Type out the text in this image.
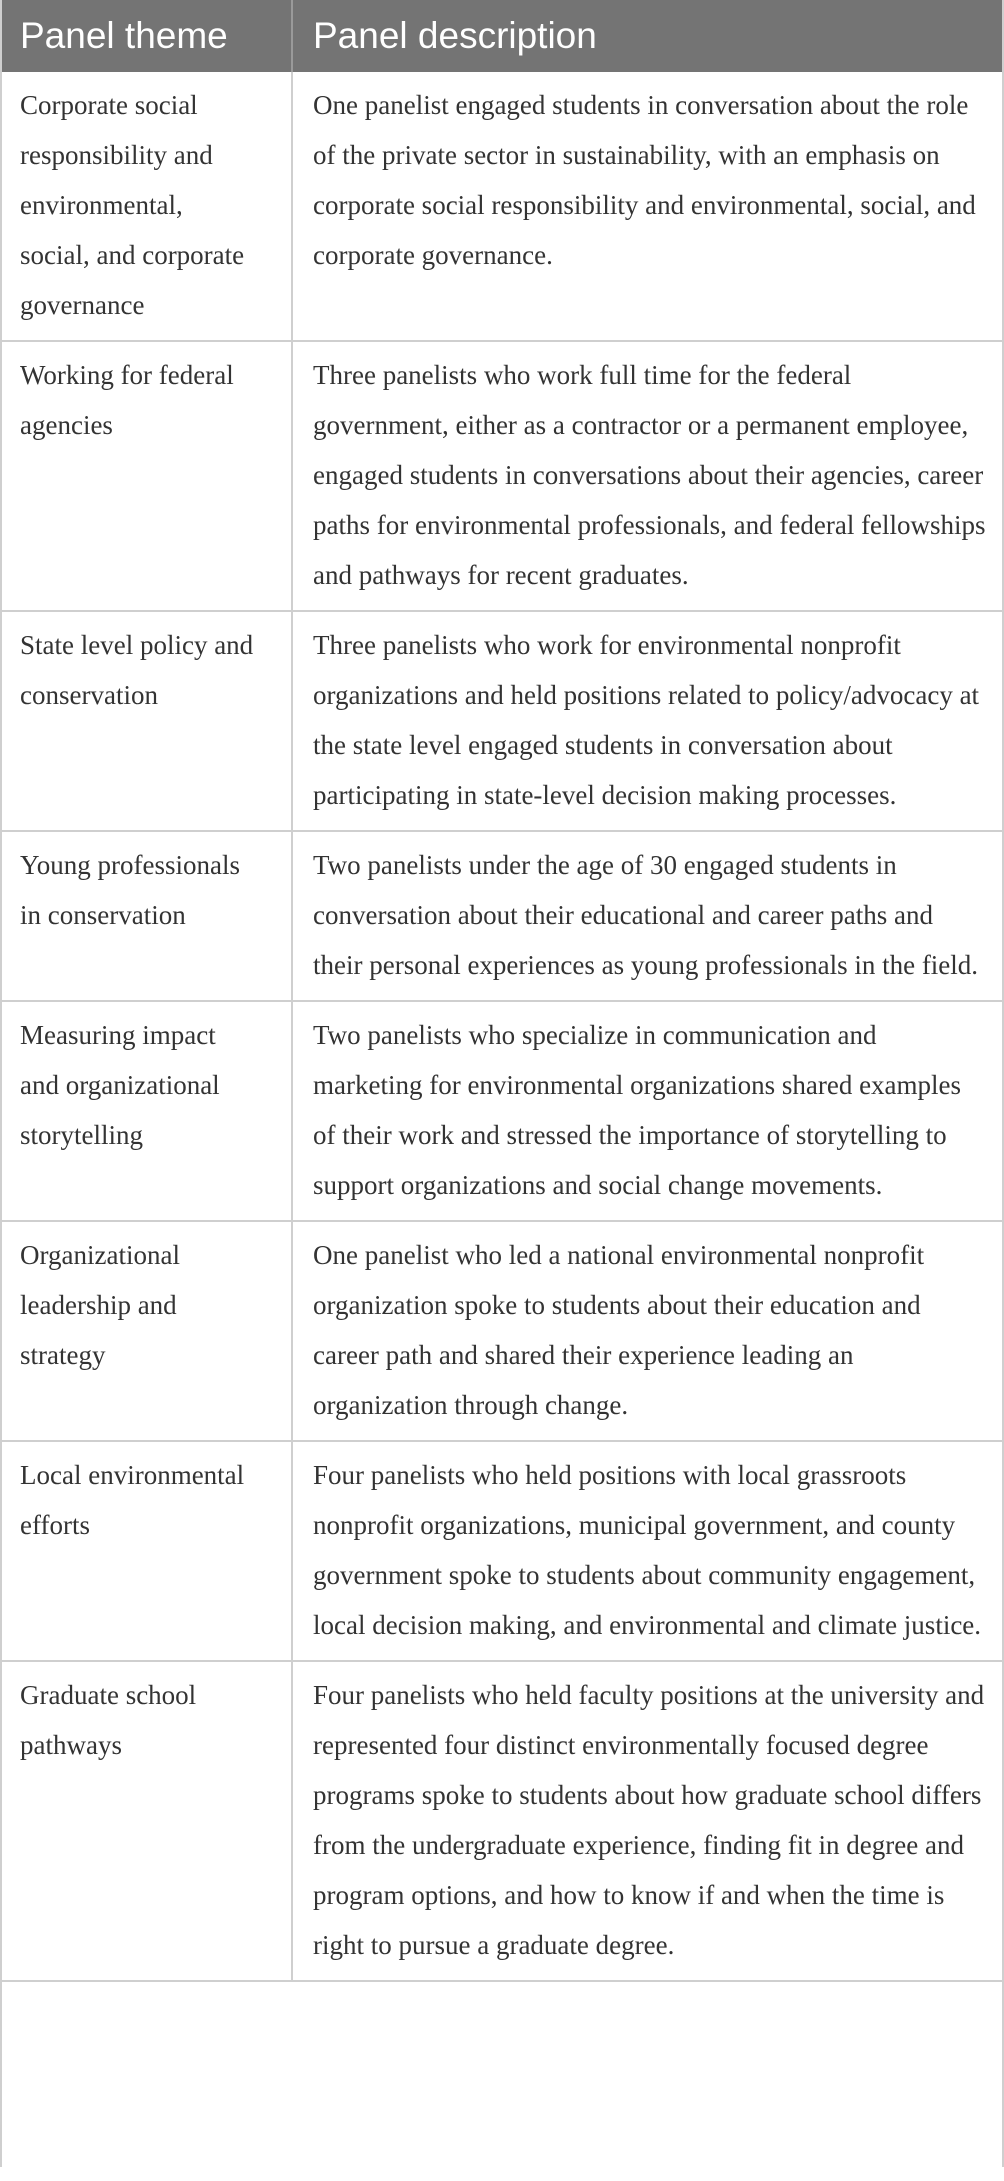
Panel theme	Panel description
Corporate social responsibility and environmental, social, and corporate governance	One panelist engaged students in conversation about the role of the private sector in sustainability, with an emphasis on corporate social responsibility and environmental, social, and corporate governance.
Working for federal agencies	Three panelists who work full time for the federal government, either as a contractor or a permanent employee, engaged students in conversations about their agencies, career paths for environmental professionals, and federal fellowships and pathways for recent graduates.
State level policy and conservation	Three panelists who work for environmental nonprofit organizations and held positions related to policy/advocacy at the state level engaged students in conversation about participating in state-level decision making processes.
Young professionals in conservation	Two panelists under the age of 30 engaged students in conversation about their educational and career paths and their personal experiences as young professionals in the field.
Measuring impact and organizational storytelling	Two panelists who specialize in communication and marketing for environmental organizations shared examples of their work and stressed the importance of storytelling to support organizations and social change movements.
Organizational leadership and strategy	One panelist who led a national environmental nonprofit organization spoke to students about their education and career path and shared their experience leading an organization through change.
Local environmental efforts	Four panelists who held positions with local grassroots nonprofit organizations, municipal government, and county government spoke to students about community engagement, local decision making, and environmental and climate justice.
Graduate school pathways	Four panelists who held faculty positions at the university and represented four distinct environmentally focused degree programs spoke to students about how graduate school differs from the undergraduate experience, finding fit in degree and program options, and how to know if and when the time is right to pursue a graduate degree.
